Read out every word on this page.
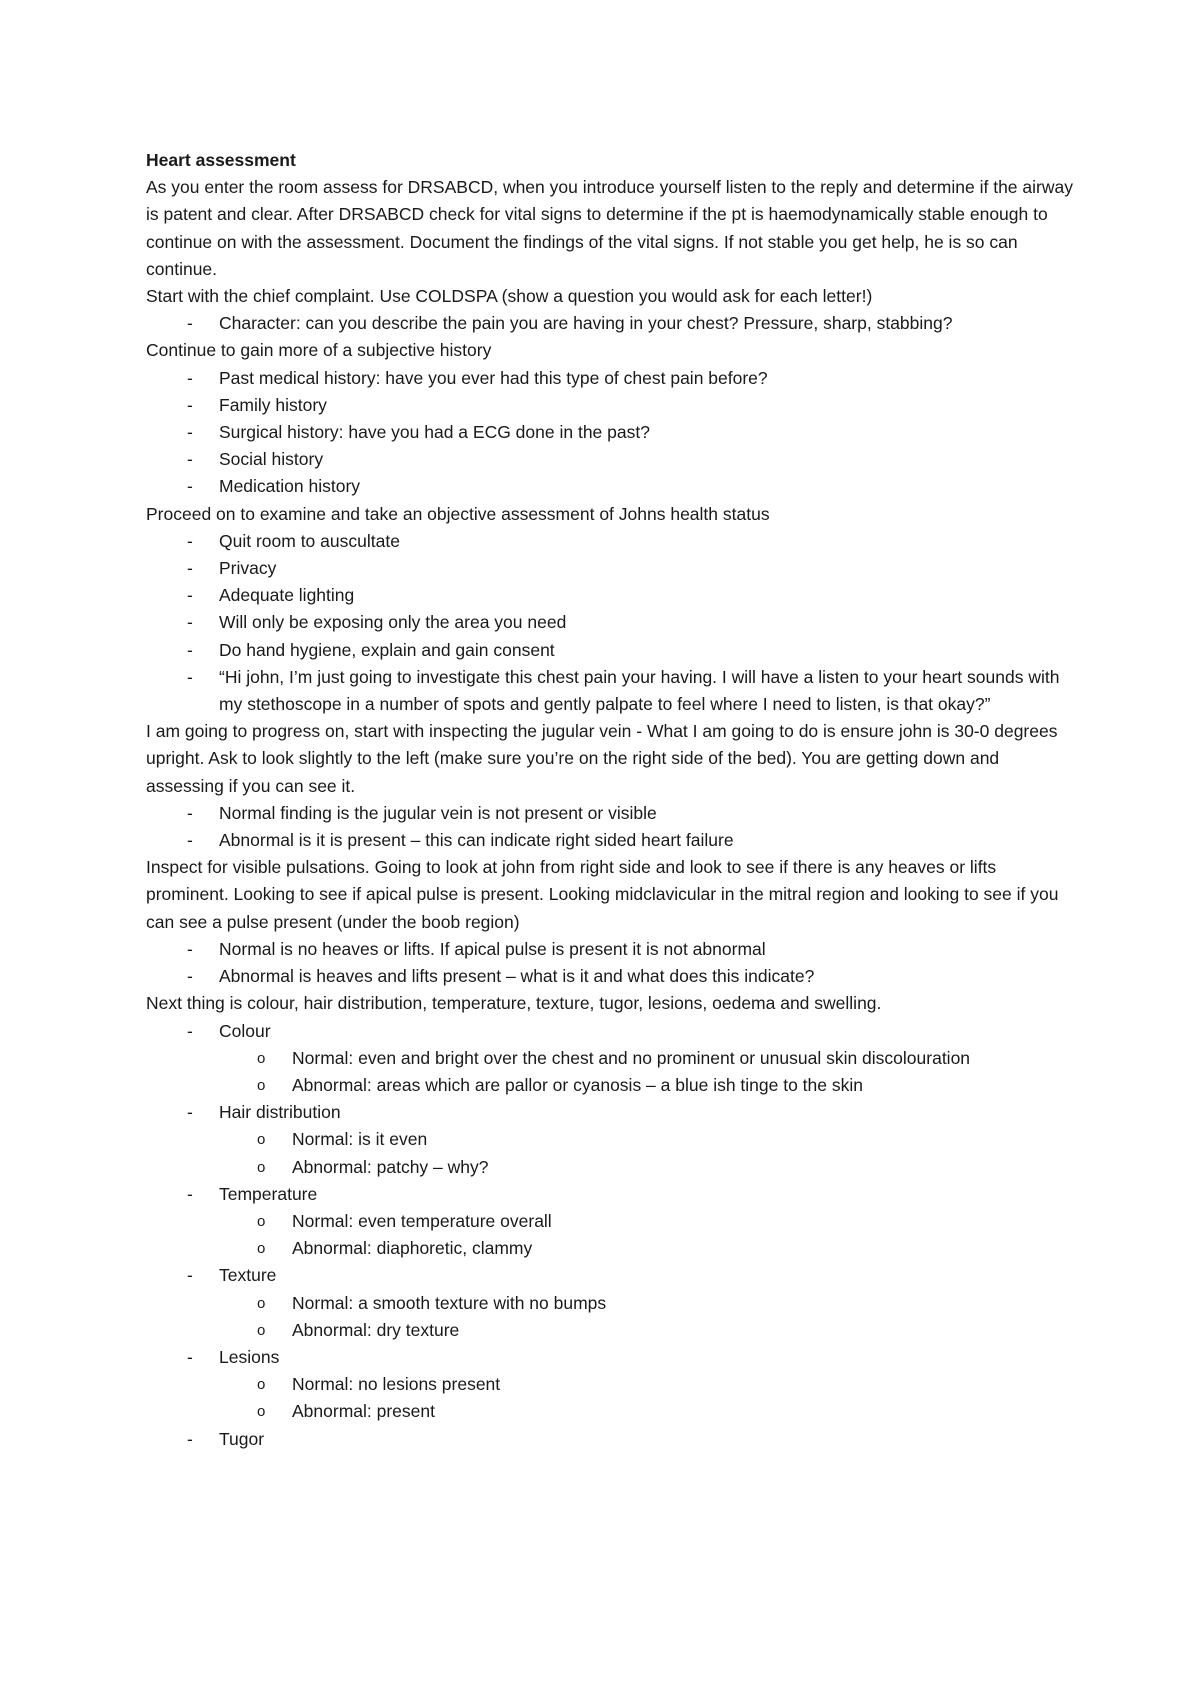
Heart assessment

As you enter the room assess for DRSABCD, when you introduce yourself listen to the reply and determine if the airway is patent and clear. After DRSABCD check for vital signs to determine if the pt is haemodynamically stable enough to continue on with the assessment. Document the findings of the vital signs. If not stable you get help, he is so can continue.

Start with the chief complaint. Use COLDSPA (show a question you would ask for each letter!)

- Character: can you describe the pain you are having in your chest? Pressure, sharp, stabbing?

Continue to gain more of a subjective history

- Past medical history: have you ever had this type of chest pain before?
- Family history
- Surgical history: have you had a ECG done in the past?
- Social history
- Medication history

Proceed on to examine and take an objective assessment of Johns health status

- Quit room to auscultate
- Privacy
- Adequate lighting
- Will only be exposing only the area you need
- Do hand hygiene, explain and gain consent
- “Hi john, I’m just going to investigate this chest pain your having. I will have a listen to your heart sounds with my stethoscope in a number of spots and gently palpate to feel where I need to listen, is that okay?”

I am going to progress on, start with inspecting the jugular vein - What I am going to do is ensure john is 30-0 degrees upright. Ask to look slightly to the left (make sure you’re on the right side of the bed). You are getting down and assessing if you can see it.

- Normal finding is the jugular vein is not present or visible
- Abnormal is it is present – this can indicate right sided heart failure

Inspect for visible pulsations. Going to look at john from right side and look to see if there is any heaves or lifts prominent. Looking to see if apical pulse is present. Looking midclavicular in the mitral region and looking to see if you can see a pulse present (under the boob region)

- Normal is no heaves or lifts. If apical pulse is present it is not abnormal
- Abnormal is heaves and lifts present – what is it and what does this indicate?

Next thing is colour, hair distribution, temperature, texture, tugor, lesions, oedema and swelling.

- Colour
o Normal: even and bright over the chest and no prominent or unusual skin discolouration
o Abnormal: areas which are pallor or cyanosis – a blue ish tinge to the skin
- Hair distribution
o Normal: is it even
o Abnormal: patchy – why?
- Temperature
o Normal: even temperature overall
o Abnormal: diaphoretic, clammy
- Texture
o Normal: a smooth texture with no bumps
o Abnormal: dry texture
- Lesions
o Normal: no lesions present
o Abnormal: present
- Tugor
